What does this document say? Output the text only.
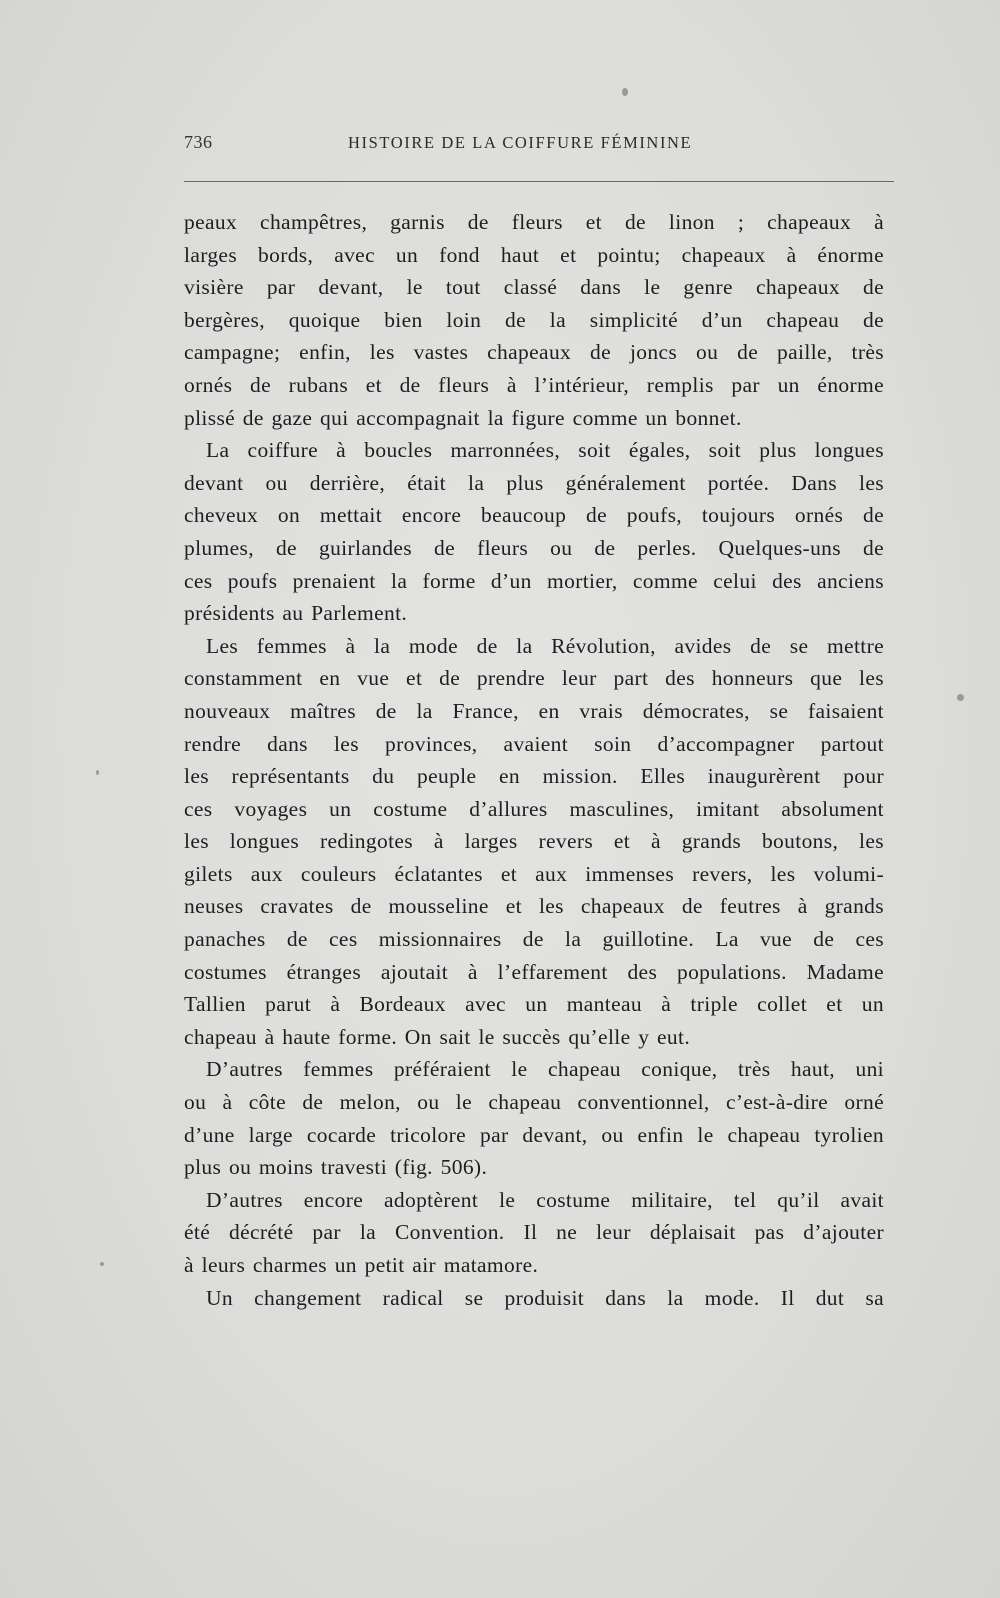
736	HISTOIRE DE LA COIFFURE FÉMININE
peaux champêtres, garnis de fleurs et de linon ; chapeaux à
larges bords, avec un fond haut et pointu; chapeaux à énorme
visière par devant, le tout classé dans le genre chapeaux de
bergères, quoique bien loin de la simplicité d’un chapeau de
campagne; enfin, les vastes chapeaux de joncs ou de paille, très
ornés de rubans et de fleurs à l’intérieur, remplis par un énorme
plissé de gaze qui accompagnait la figure comme un bonnet.
La coiffure à boucles marronnées, soit égales, soit plus longues
devant ou derrière, était la plus généralement portée. Dans les
cheveux on mettait encore beaucoup de poufs, toujours ornés de
plumes, de guirlandes de fleurs ou de perles. Quelques-uns de
ces poufs prenaient la forme d’un mortier, comme celui des anciens
présidents au Parlement.
Les femmes à la mode de la Révolution, avides de se mettre
constamment en vue et de prendre leur part des honneurs que les
nouveaux maîtres de la France, en vrais démocrates, se faisaient
rendre dans les provinces, avaient soin d’accompagner partout
les représentants du peuple en mission. Elles inaugurèrent pour
ces voyages un costume d’allures masculines, imitant absolument
les longues redingotes à larges revers et à grands boutons, les
gilets aux couleurs éclatantes et aux immenses revers, les volumi-
neuses cravates de mousseline et les chapeaux de feutres à grands
panaches de ces missionnaires de la guillotine. La vue de ces
costumes étranges ajoutait à l’effarement des populations. Madame
Tallien parut à Bordeaux avec un manteau à triple collet et un
chapeau à haute forme. On sait le succès qu’elle y eut.
D’autres femmes préféraient le chapeau conique, très haut, uni
ou à côte de melon, ou le chapeau conventionnel, c’est-à-dire orné
d’une large cocarde tricolore par devant, ou enfin le chapeau tyrolien
plus ou moins travesti (fig. 506).
D’autres encore adoptèrent le costume militaire, tel qu’il avait
été décrété par la Convention. Il ne leur déplaisait pas d’ajouter
à leurs charmes un petit air matamore.
Un changement radical se produisit dans la mode. Il dut sa
